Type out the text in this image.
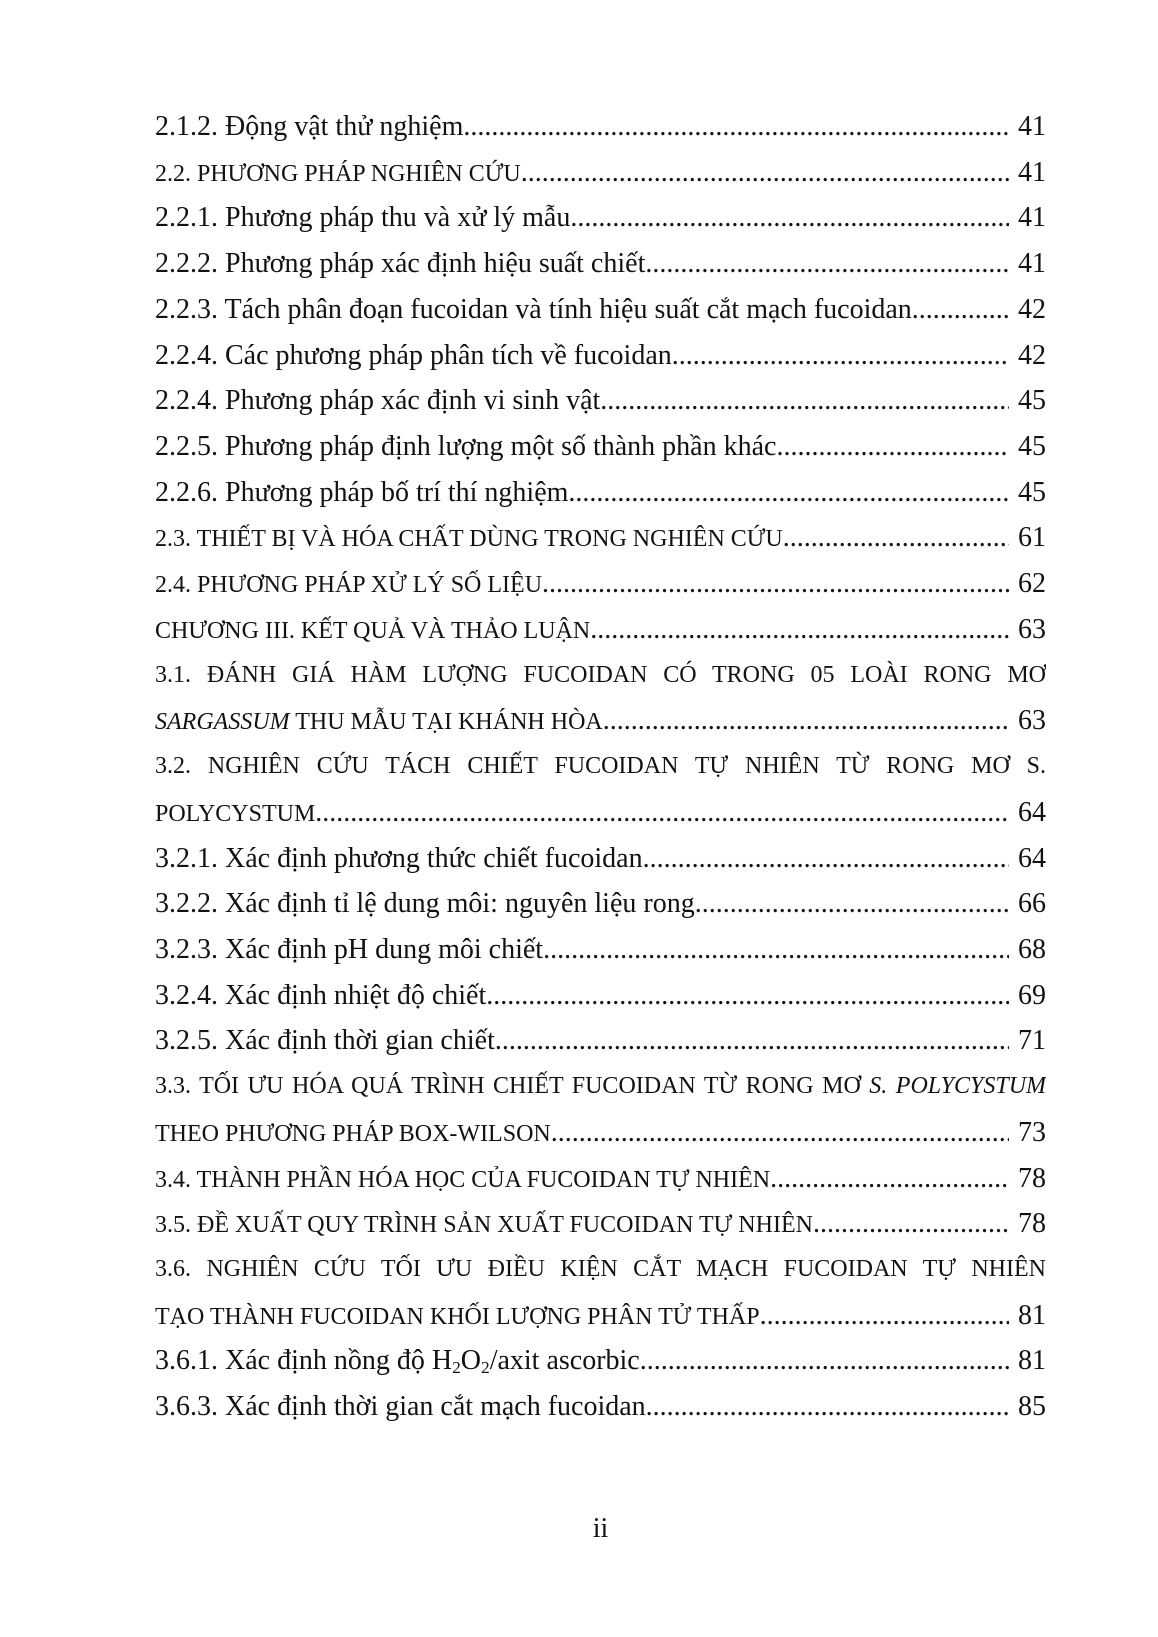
2.1.2. Động vật thử nghiệm .....	41
2.2. PHƯƠNG PHÁP NGHIÊN CỨU .....	41
2.2.1. Phương pháp thu và xử lý mẫu .....	41
2.2.2. Phương pháp xác định hiệu suất chiết .....	41
2.2.3. Tách phân đoạn fucoidan và tính hiệu suất cắt mạch fucoidan .....	42
2.2.4. Các phương pháp phân tích về fucoidan .....	42
2.2.4. Phương pháp xác định vi sinh vật .....	45
2.2.5. Phương pháp định lượng một số thành phần khác .....	45
2.2.6. Phương pháp bố trí thí nghiệm .....	45
2.3. THIẾT BỊ VÀ HÓA CHẤT DÙNG TRONG NGHIÊN CỨU .....	61
2.4. PHƯƠNG PHÁP XỬ LÝ SỐ LIỆU .....	62
CHƯƠNG III. KẾT QUẢ VÀ THẢO LUẬN .....	63
3.1. ĐÁNH GIÁ HÀM LƯỢNG FUCOIDAN CÓ TRONG 05 LOÀI RONG MƠ
SARGASSUM THU MẪU TẠI KHÁNH HÒA .....	63
3.2. NGHIÊN CỨU TÁCH CHIẾT FUCOIDAN TỰ NHIÊN TỪ RONG MƠ S.
POLYCYSTUM .....	64
3.2.1. Xác định phương thức chiết fucoidan .....	64
3.2.2. Xác định tỉ lệ dung môi: nguyên liệu rong .....	66
3.2.3. Xác định pH dung môi chiết .....	68
3.2.4. Xác định nhiệt độ chiết .....	69
3.2.5. Xác định thời gian chiết .....	71
3.3. TỐI ƯU HÓA QUÁ TRÌNH CHIẾT FUCOIDAN TỪ RONG MƠ S. POLYCYSTUM
THEO PHƯƠNG PHÁP BOX-WILSON .....	73
3.4. THÀNH PHẦN HÓA HỌC CỦA FUCOIDAN TỰ NHIÊN .....	78
3.5. ĐỀ XUẤT QUY TRÌNH SẢN XUẤT FUCOIDAN TỰ NHIÊN .....	78
3.6. NGHIÊN CỨU TỐI ƯU ĐIỀU KIỆN CẮT MẠCH FUCOIDAN TỰ NHIÊN
TẠO THÀNH FUCOIDAN KHỐI LƯỢNG PHÂN TỬ THẤP .....	81
3.6.1. Xác định nồng độ $H_2O_2$/axit ascorbic .....	81
3.6.3. Xác định thời gian cắt mạch fucoidan .....	85
ii
